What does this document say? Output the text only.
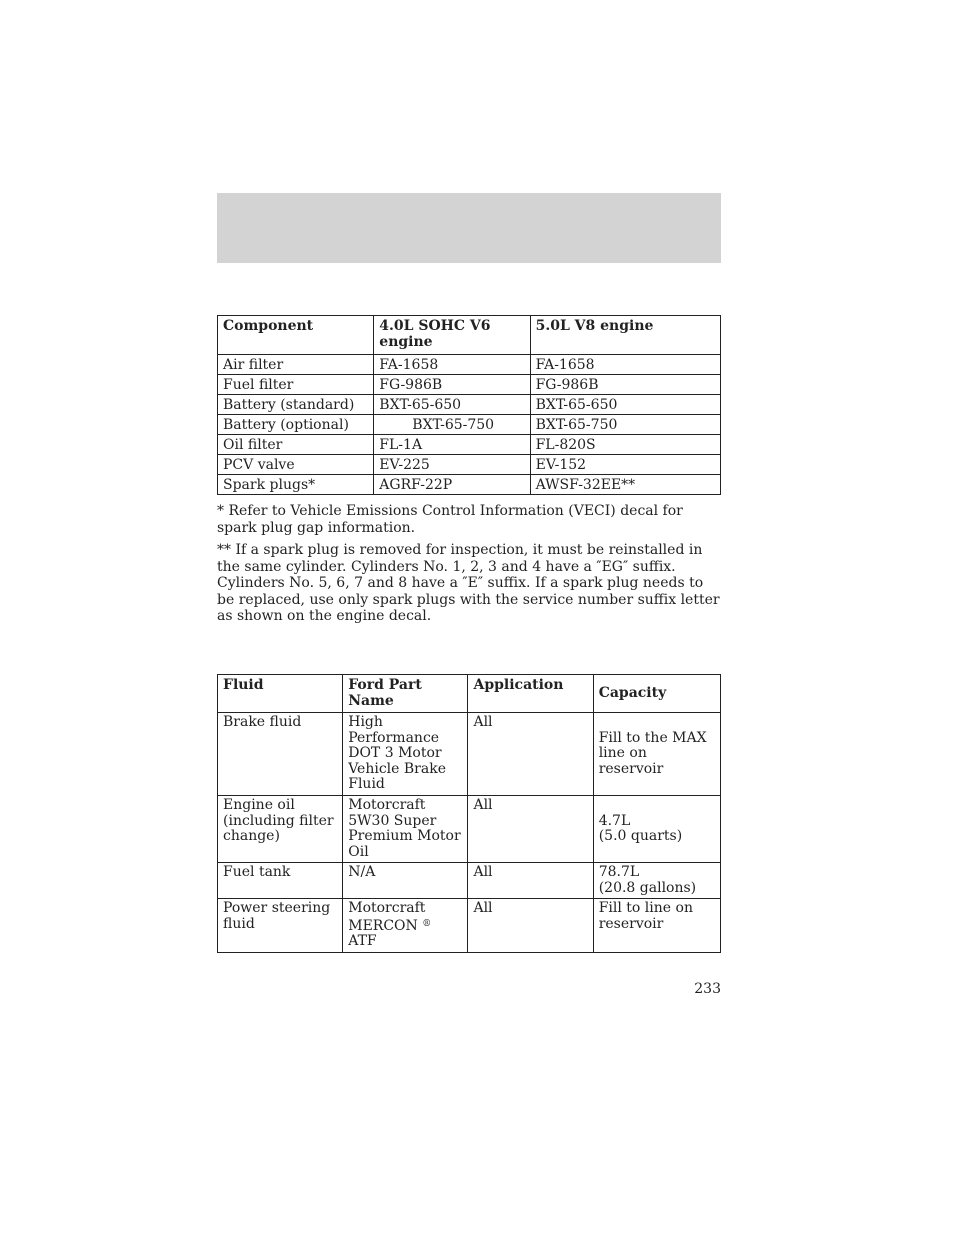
Component	4.0L SOHC V6 engine	5.0L V8 engine
Air filter	FA-1658	FA-1658
Fuel filter	FG-986B	FG-986B
Battery (standard)	BXT-65-650	BXT-65-650
Battery (optional)	BXT-65-750	BXT-65-750
Oil filter	FL-1A	FL-820S
PCV valve	EV-225	EV-152
Spark plugs*	AGRF-22P	AWSF-32EE**

* Refer to Vehicle Emissions Control Information (VECI) decal for spark plug gap information.

** If a spark plug is removed for inspection, it must be reinstalled in the same cylinder. Cylinders No. 1, 2, 3 and 4 have a ″EG″ suffix. Cylinders No. 5, 6, 7 and 8 have a ″E″ suffix. If a spark plug needs to be replaced, use only spark plugs with the service number suffix letter as shown on the engine decal.

Fluid	Ford Part Name	Application	Capacity
Brake fluid	High Performance DOT 3 Motor Vehicle Brake Fluid	All	Fill to the MAX line on reservoir
Engine oil (including filter change)	Motorcraft 5W30 Super Premium Motor Oil	All	4.7L
(5.0 quarts)
Fuel tank	N/A	All	78.7L
(20.8 gallons)
Power steering fluid	Motorcraft MERCON ® ATF	All	Fill to line on reservoir
233
